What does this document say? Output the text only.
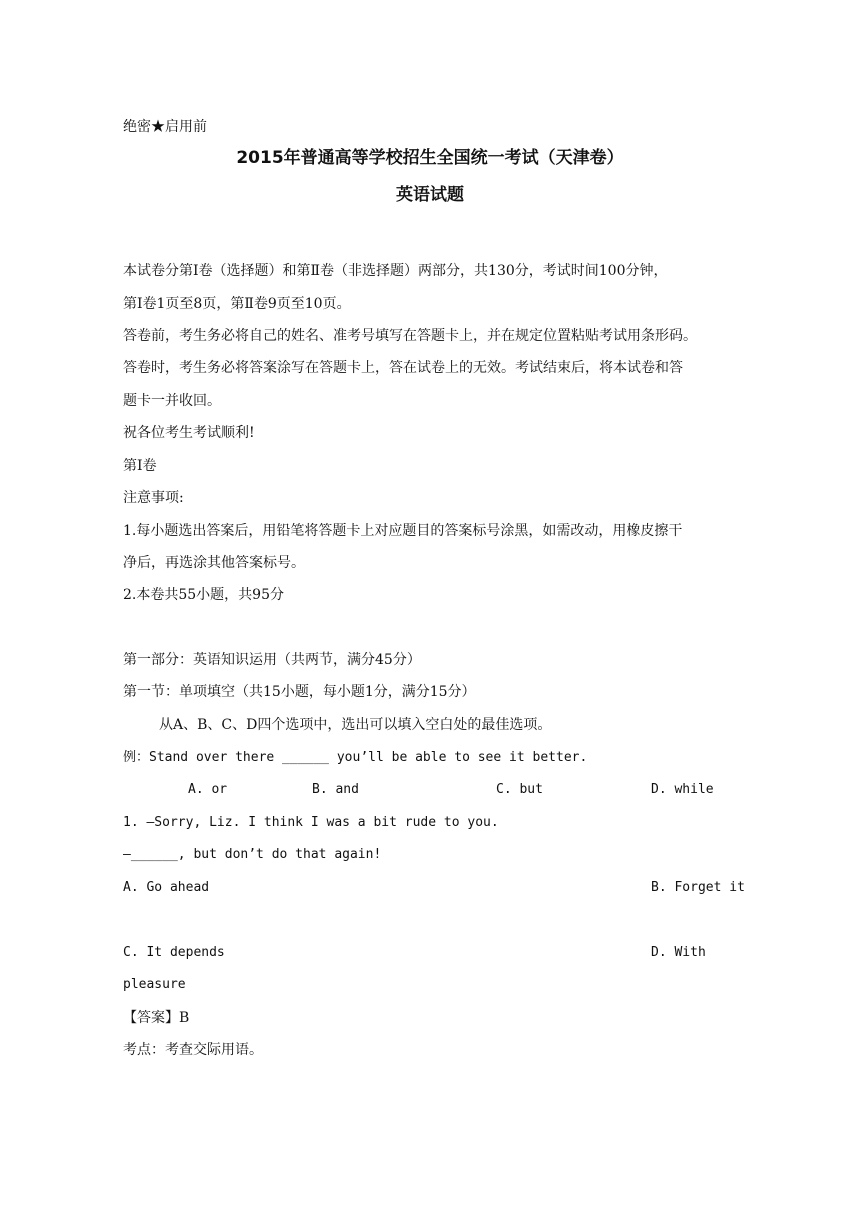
绝密★启用前
2015年普通高等学校招生全国统一考试（天津卷）
英语试题
本试卷分第Ⅰ卷（选择题）和第Ⅱ卷（非选择题）两部分，共130分，考试时间100分钟，
第Ⅰ卷1页至8页，第Ⅱ卷9页至10页。
答卷前，考生务必将自己的姓名、准考号填写在答题卡上，并在规定位置粘贴考试用条形码。
答卷时，考生务必将答案涂写在答题卡上，答在试卷上的无效。考试结束后，将本试卷和答
题卡一并收回。
祝各位考生考试顺利!
第Ⅰ卷
注意事项:
1.每小题选出答案后，用铅笔将答题卡上对应题目的答案标号涂黑，如需改动，用橡皮擦干
净后，再选涂其他答案标号。
2.本卷共55小题，共95分
第一部分：英语知识运用（共两节，满分45分）
第一节：单项填空（共15小题，每小题1分，满分15分）
从A、B、C、D四个选项中，选出可以填入空白处的最佳选项。
例：Stand over there ______ you’ll be able to see it better.
A. or	B. and	C. but	D. while

1. —Sorry, Liz. I think I was a bit rude to you.
—______, but don’t do that again!
A. Go ahead	B. Forget it
C. It depends	D. With
pleasure
【答案】B
考点：考查交际用语。
